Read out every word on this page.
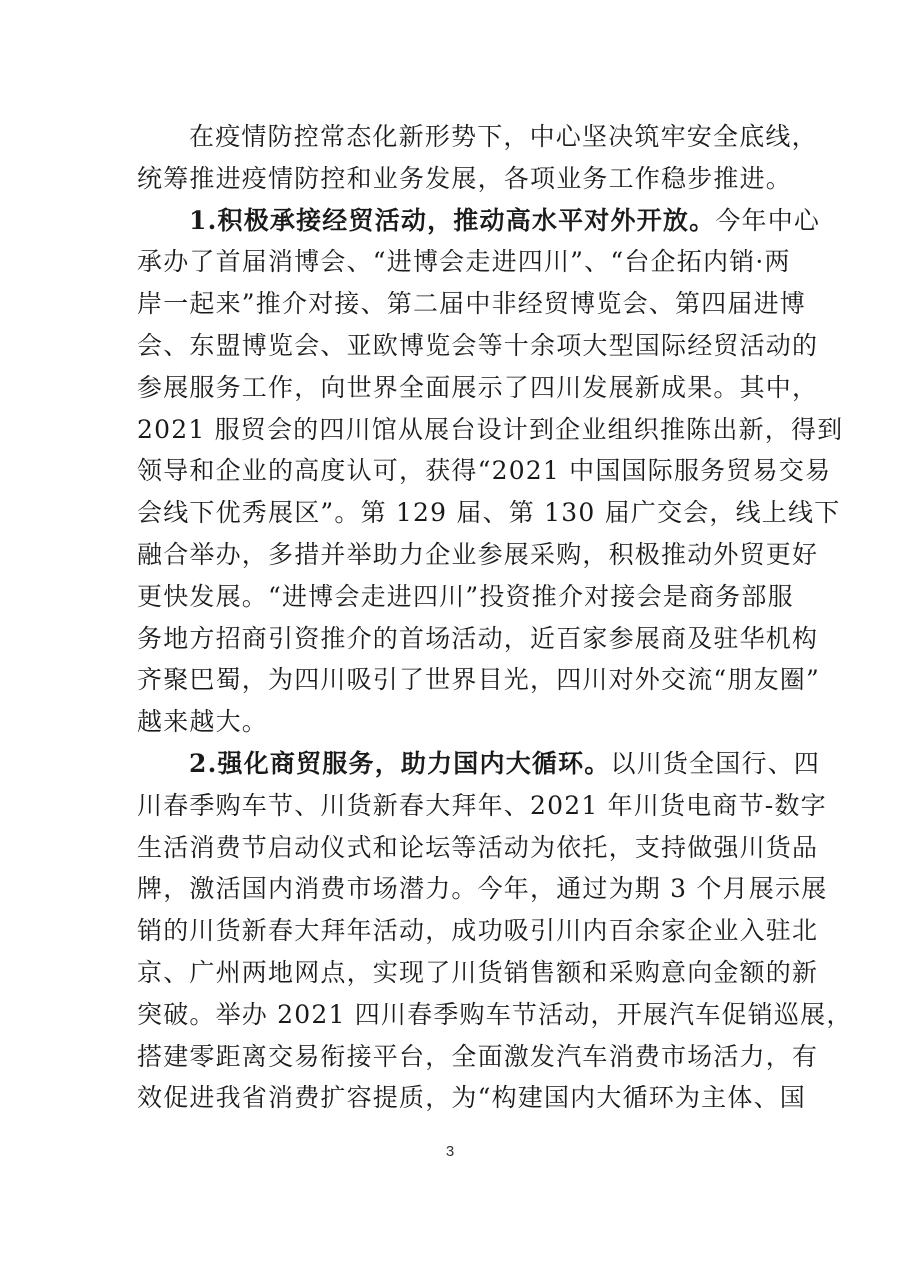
在疫情防控常态化新形势下，中心坚决筑牢安全底线，
统筹推进疫情防控和业务发展，各项业务工作稳步推进。
1.积极承接经贸活动，推动高水平对外开放。今年中心
承办了首届消博会、“进博会走进四川”、“台企拓内销·两
岸一起来”推介对接、第二届中非经贸博览会、第四届进博
会、东盟博览会、亚欧博览会等十余项大型国际经贸活动的
参展服务工作，向世界全面展示了四川发展新成果。其中，
2021 服贸会的四川馆从展台设计到企业组织推陈出新，得到
领导和企业的高度认可，获得“2021 中国国际服务贸易交易
会线下优秀展区”。第 129 届、第 130 届广交会，线上线下
融合举办，多措并举助力企业参展采购，积极推动外贸更好
更快发展。“进博会走进四川”投资推介对接会是商务部服
务地方招商引资推介的首场活动，近百家参展商及驻华机构
齐聚巴蜀，为四川吸引了世界目光，四川对外交流“朋友圈”
越来越大。
2.强化商贸服务，助力国内大循环。以川货全国行、四
川春季购车节、川货新春大拜年、2021 年川货电商节-数字
生活消费节启动仪式和论坛等活动为依托，支持做强川货品
牌，激活国内消费市场潜力。今年，通过为期 3 个月展示展
销的川货新春大拜年活动，成功吸引川内百余家企业入驻北
京、广州两地网点，实现了川货销售额和采购意向金额的新
突破。举办 2021 四川春季购车节活动，开展汽车促销巡展，
搭建零距离交易衔接平台，全面激发汽车消费市场活力，有
效促进我省消费扩容提质，为“构建国内大循环为主体、国
3
